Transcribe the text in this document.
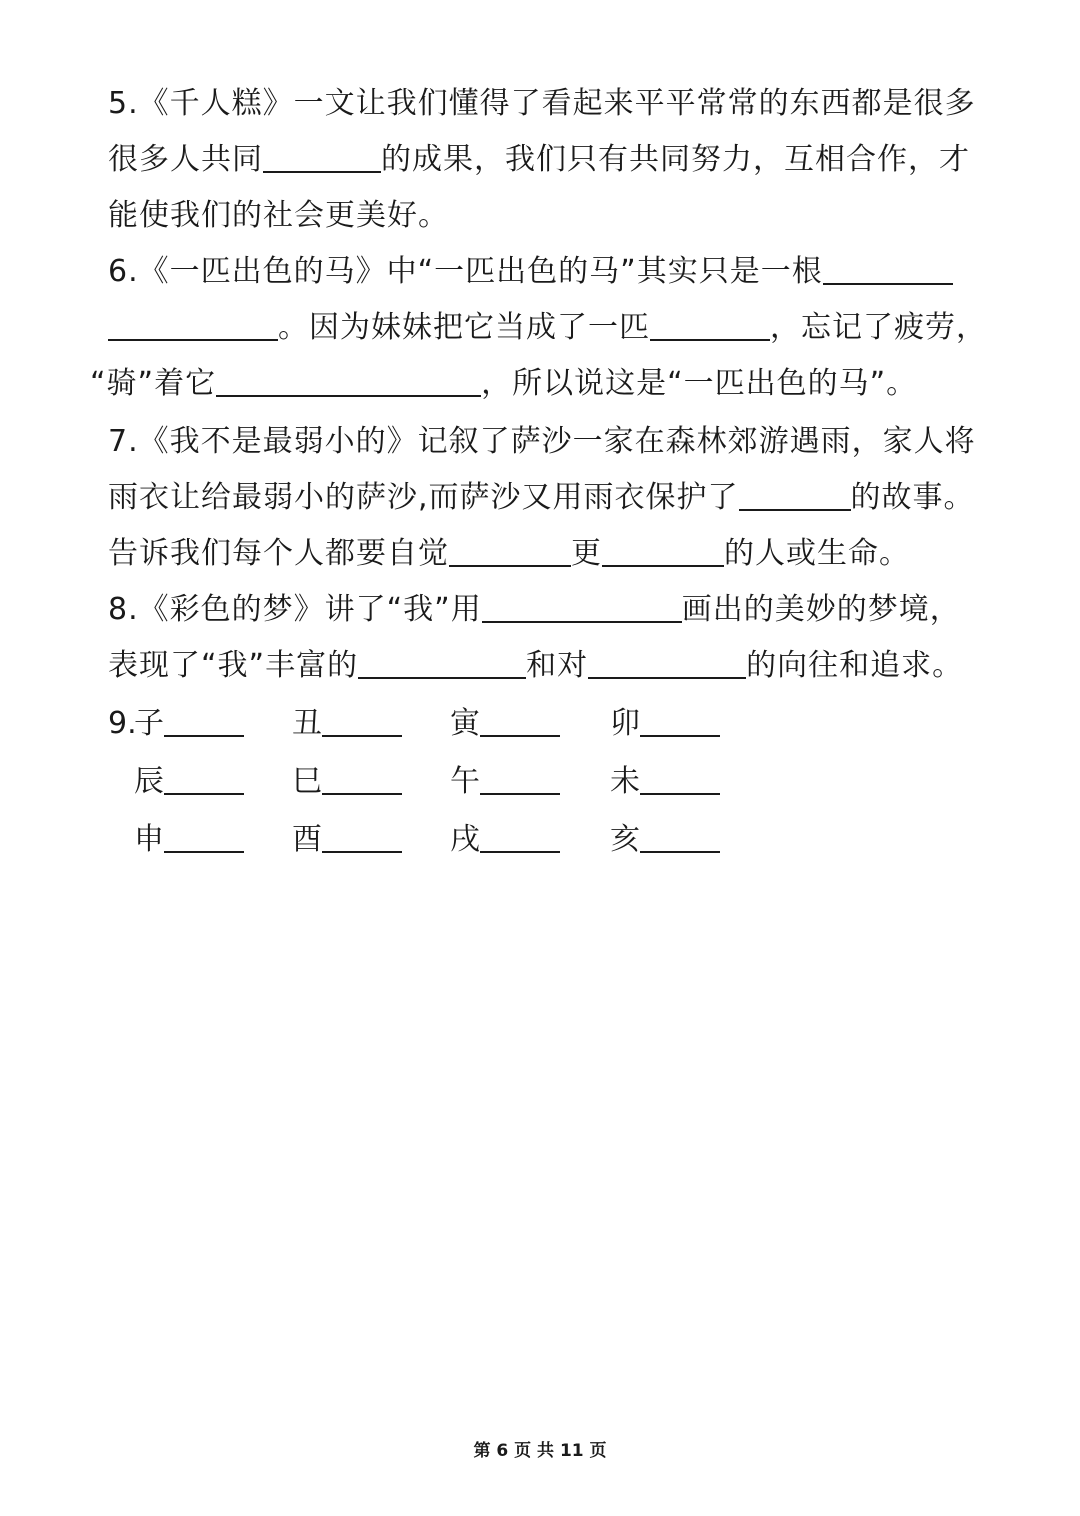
5.《千人糕》一文让我们懂得了看起来平平常常的东西都是很多
很多人共同	的成果，我们只有共同努力，互相合作，才
能使我们的社会更美好。
6.《一匹出色的马》中“一匹出色的马”其实只是一根
。因为妹妹把它当成了一匹	，忘记了疲劳，
“骑”着它	，所以说这是“一匹出色的马”。
7.《我不是最弱小的》记叙了萨沙一家在森林郊游遇雨，家人将
雨衣让给最弱小的萨沙,而萨沙又用雨衣保护了	的故事。
告诉我们每个人都要自觉	更	的人或生命。
8.《彩色的梦》讲了“我”用	画出的美妙的梦境，
表现了“我”丰富的	和对	的向往和追求。
9.
子	丑	寅	卯
辰	巳	午	未
申	酉	戌	亥
第 6 页 共 11 页
